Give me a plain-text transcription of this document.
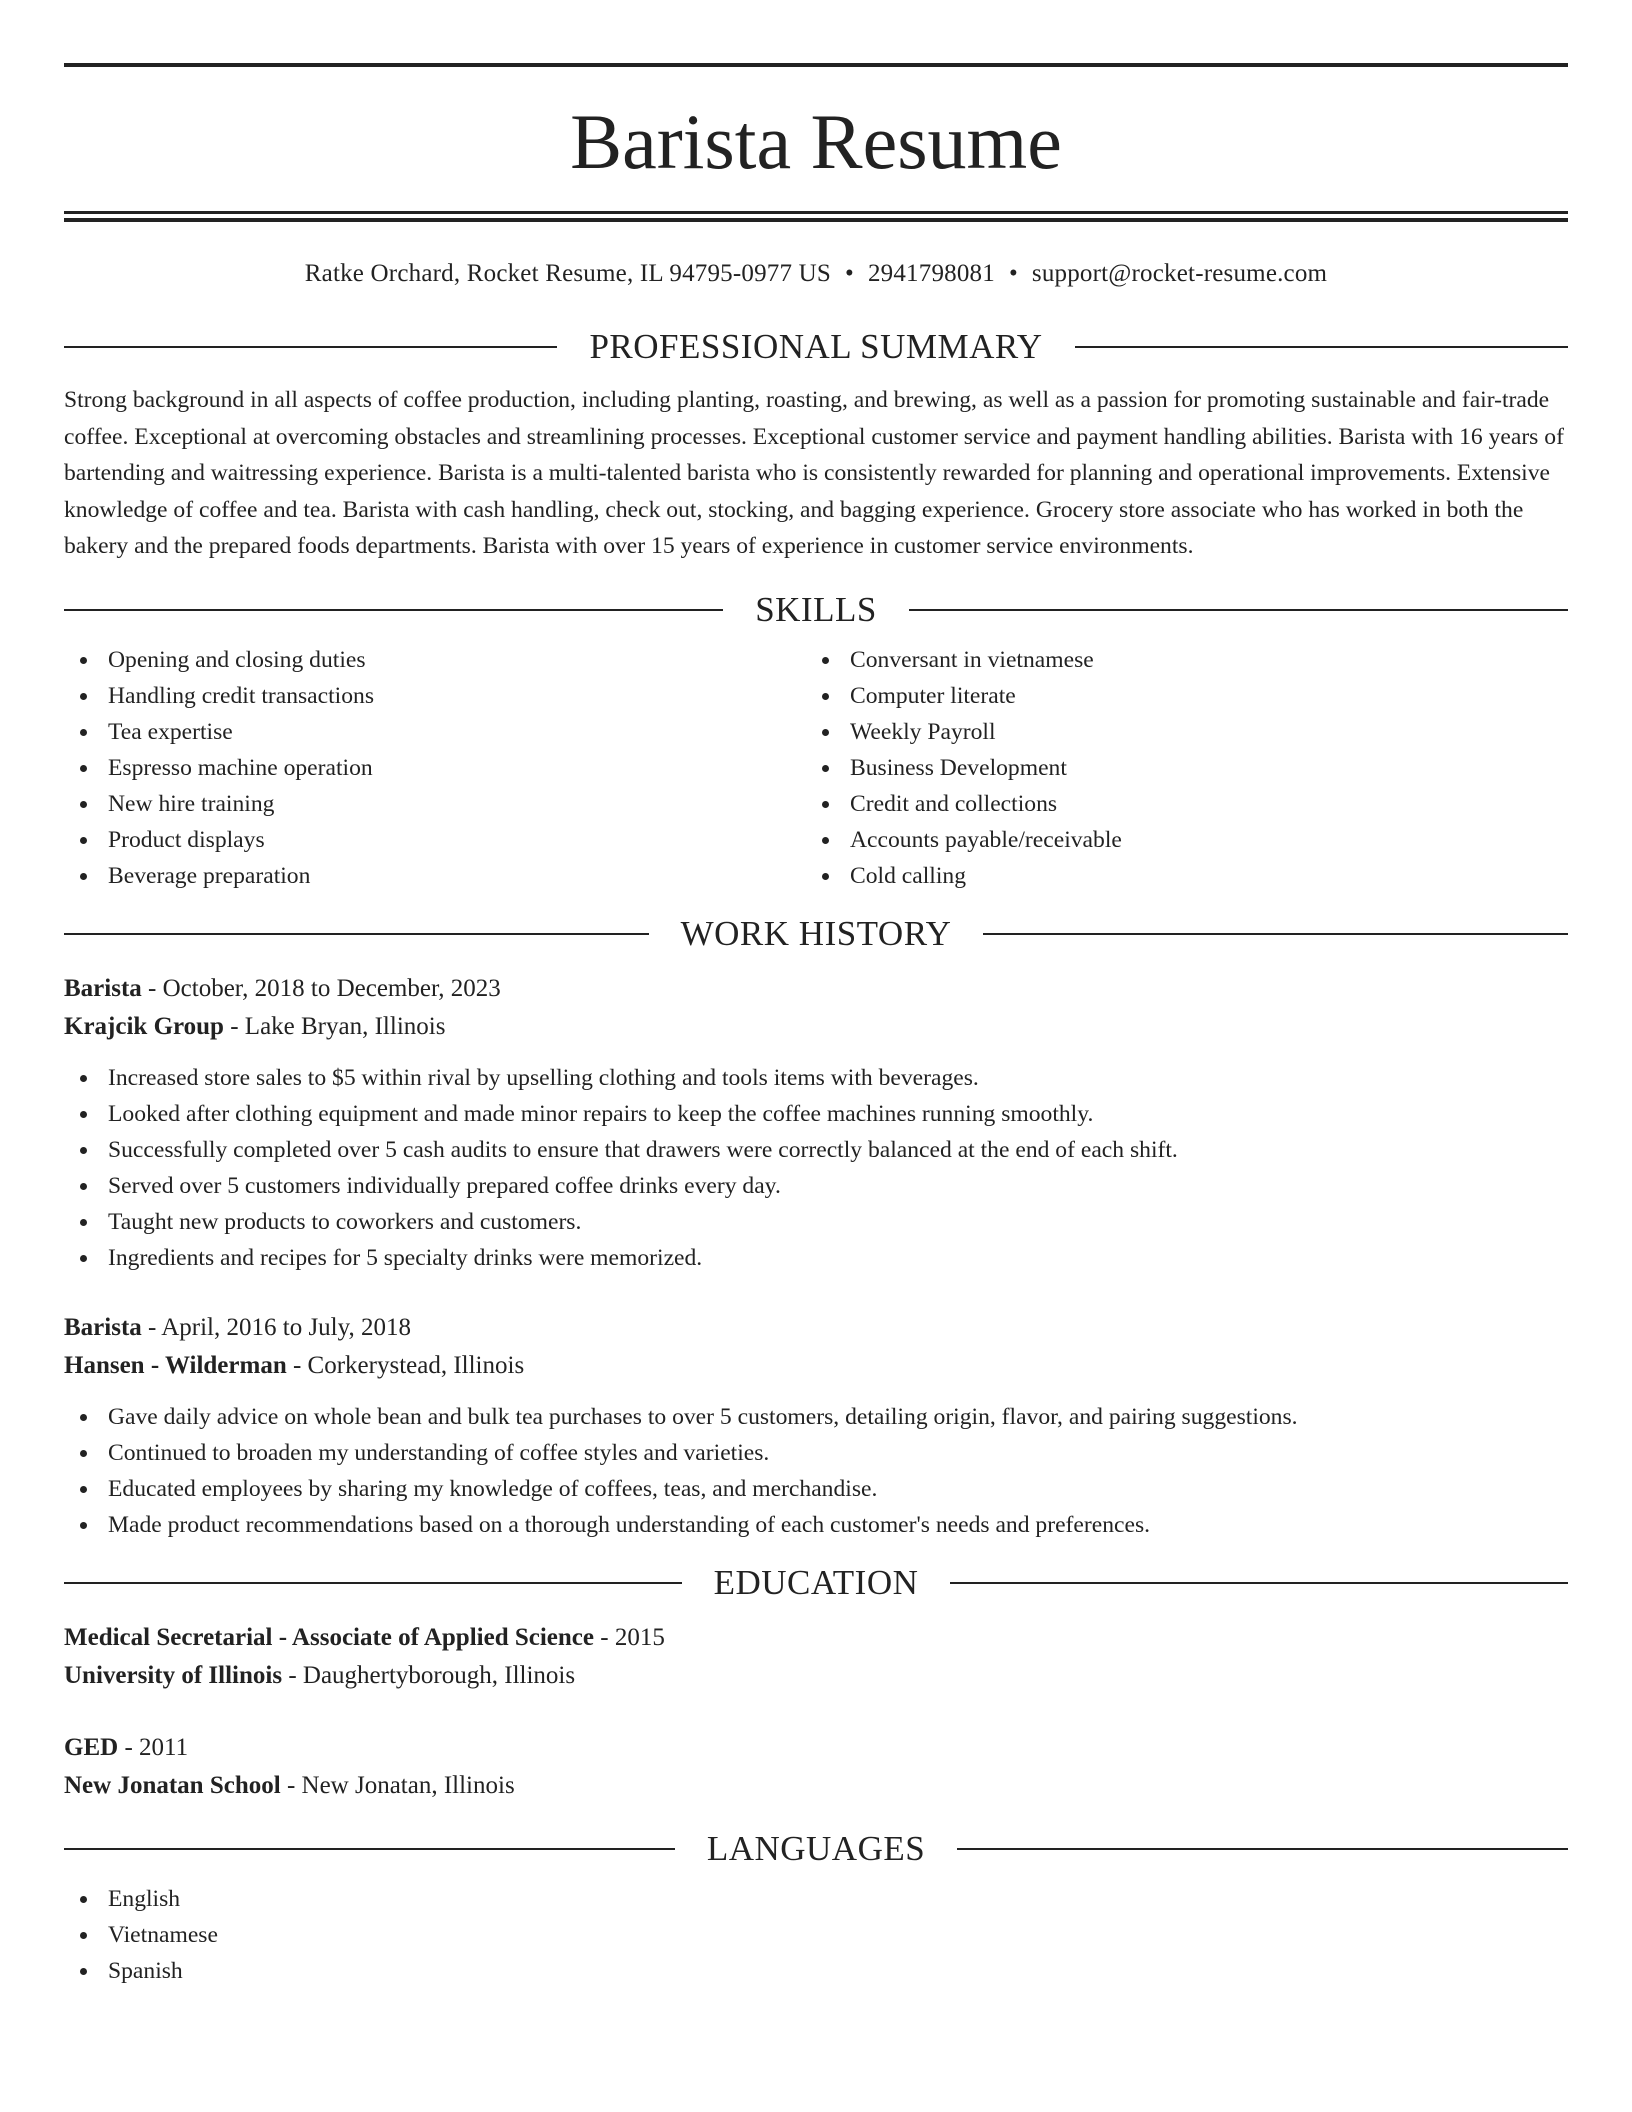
Barista Resume
Ratke Orchard, Rocket Resume, IL 94795-0977 US • 2941798081 • support@rocket-resume.com
PROFESSIONAL SUMMARY

Strong background in all aspects of coffee production, including planting, roasting, and brewing, as well as a passion for promoting sustainable and fair-trade coffee. Exceptional at overcoming obstacles and streamlining processes. Exceptional customer service and payment handling abilities. Barista with 16 years of bartending and waitressing experience. Barista is a multi-talented barista who is consistently rewarded for planning and operational improvements. Extensive knowledge of coffee and tea. Barista with cash handling, check out, stocking, and bagging experience. Grocery store associate who has worked in both the bakery and the prepared foods departments. Barista with over 15 years of experience in customer service environments.

SKILLS
Opening and closing duties
Handling credit transactions
Tea expertise
Espresso machine operation
New hire training
Product displays
Beverage preparation
Conversant in vietnamese
Computer literate
Weekly Payroll
Business Development
Credit and collections
Accounts payable/receivable
Cold calling
WORK HISTORY
Barista - October, 2018 to December, 2023
Krajcik Group - Lake Bryan, Illinois
Increased store sales to $5 within rival by upselling clothing and tools items with beverages.
Looked after clothing equipment and made minor repairs to keep the coffee machines running smoothly.
Successfully completed over 5 cash audits to ensure that drawers were correctly balanced at the end of each shift.
Served over 5 customers individually prepared coffee drinks every day.
Taught new products to coworkers and customers.
Ingredients and recipes for 5 specialty drinks were memorized.
Barista - April, 2016 to July, 2018
Hansen - Wilderman - Corkerystead, Illinois
Gave daily advice on whole bean and bulk tea purchases to over 5 customers, detailing origin, flavor, and pairing suggestions.
Continued to broaden my understanding of coffee styles and varieties.
Educated employees by sharing my knowledge of coffees, teas, and merchandise.
Made product recommendations based on a thorough understanding of each customer's needs and preferences.
EDUCATION
Medical Secretarial - Associate of Applied Science - 2015
University of Illinois - Daughertyborough, Illinois
GED - 2011
New Jonatan School - New Jonatan, Illinois
LANGUAGES
English
Vietnamese
Spanish
